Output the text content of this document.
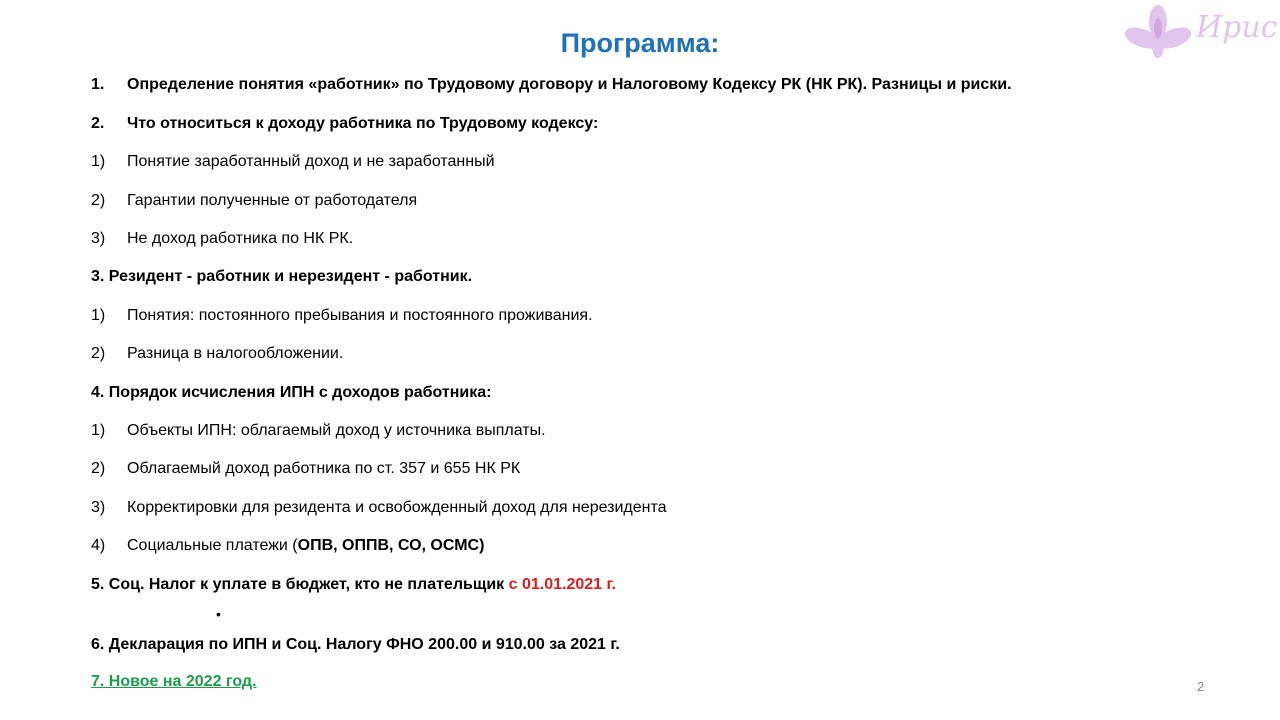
Программа:	Ирис
1. Определение понятия «работник» по Трудовому договору и Налоговому Кодексу РК (НК РК). Разницы и риски.
2. Что относиться к доходу работника по Трудовому кодексу:
1) Понятие заработанный доход и не заработанный
2) Гарантии полученные от работодателя
3) Не доход работника по НК РК.
3. Резидент - работник и нерезидент - работник.
1) Понятия: постоянного пребывания и постоянного проживания.
2) Разница в налогообложении.
4. Порядок исчисления ИПН с доходов работника:
1) Объекты ИПН: облагаемый доход у источника выплаты.
2) Облагаемый доход работника по ст. 357 и 655 НК РК
3) Корректировки для резидента и освобожденный доход для нерезидента
4) Социальные платежи (ОПВ, ОППВ, СО, ОСМС)
5. Соц. Налог к уплате в бюджет, кто не плательщик с 01.01.2021 г.
6. Декларация по ИПН и Соц. Налогу ФНО 200.00 и 910.00 за 2021 г.
7. Новое на 2022 год.
•
2
